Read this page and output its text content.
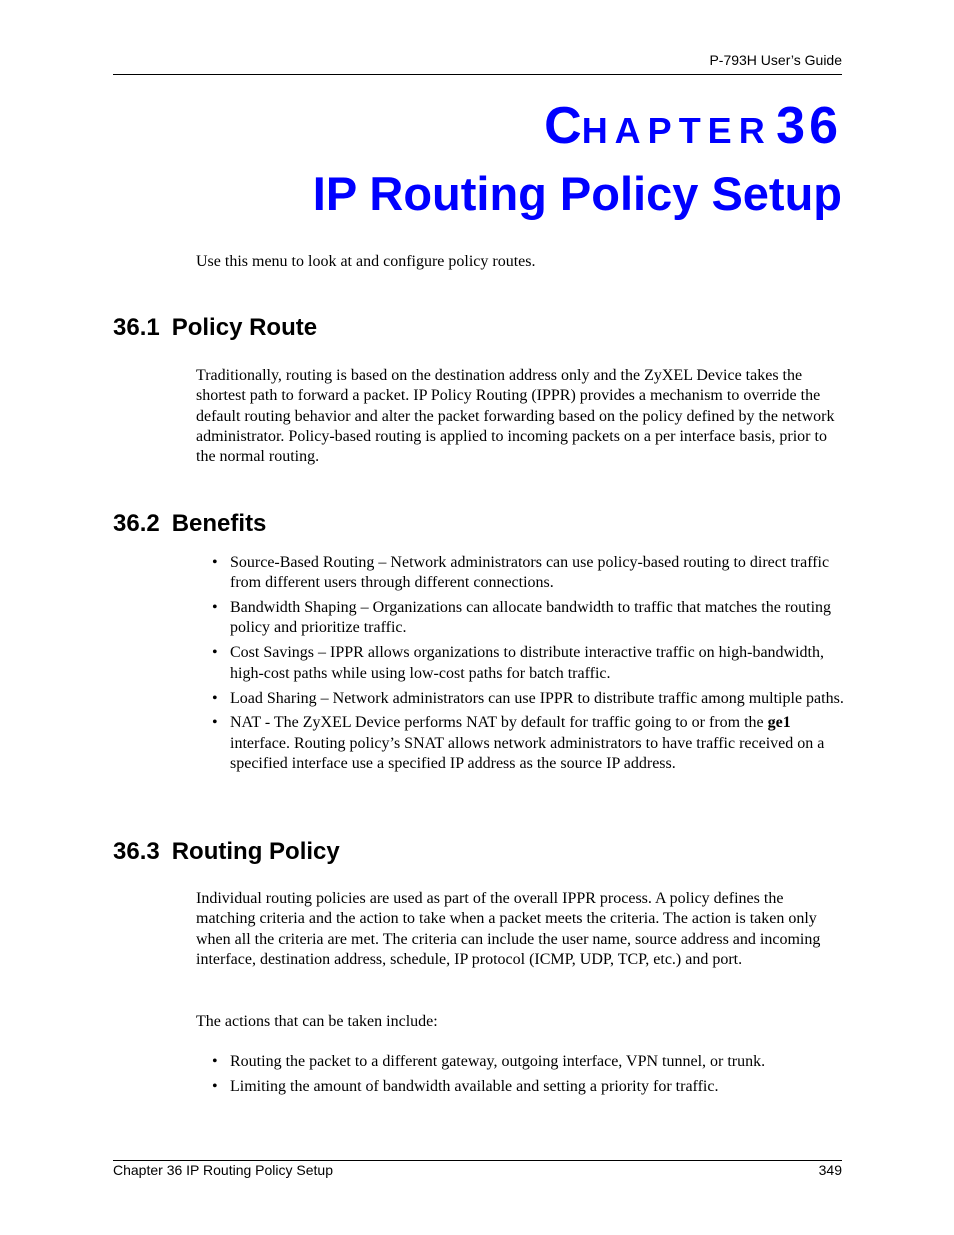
P-793H User’s Guide
CHAPTER 36
IP Routing Policy Setup
Use this menu to look at and configure policy routes.
36.1 Policy Route
Traditionally, routing is based on the destination address only and the ZyXEL Device takes the shortest path to forward a packet. IP Policy Routing (IPPR) provides a mechanism to override the default routing behavior and alter the packet forwarding based on the policy defined by the network administrator. Policy-based routing is applied to incoming packets on a per interface basis, prior to the normal routing.
36.2 Benefits
• Source-Based Routing – Network administrators can use policy-based routing to direct traffic from different users through different connections.
• Bandwidth Shaping – Organizations can allocate bandwidth to traffic that matches the routing policy and prioritize traffic.
• Cost Savings – IPPR allows organizations to distribute interactive traffic on high-bandwidth, high-cost paths while using low-cost paths for batch traffic.
• Load Sharing – Network administrators can use IPPR to distribute traffic among multiple paths.
• NAT - The ZyXEL Device performs NAT by default for traffic going to or from the ge1 interface. Routing policy’s SNAT allows network administrators to have traffic received on a specified interface use a specified IP address as the source IP address.
36.3 Routing Policy
Individual routing policies are used as part of the overall IPPR process. A policy defines the matching criteria and the action to take when a packet meets the criteria. The action is taken only when all the criteria are met. The criteria can include the user name, source address and incoming interface, destination address, schedule, IP protocol (ICMP, UDP, TCP, etc.) and port.
The actions that can be taken include:
• Routing the packet to a different gateway, outgoing interface, VPN tunnel, or trunk.
• Limiting the amount of bandwidth available and setting a priority for traffic.
Chapter 36 IP Routing Policy Setup	349
